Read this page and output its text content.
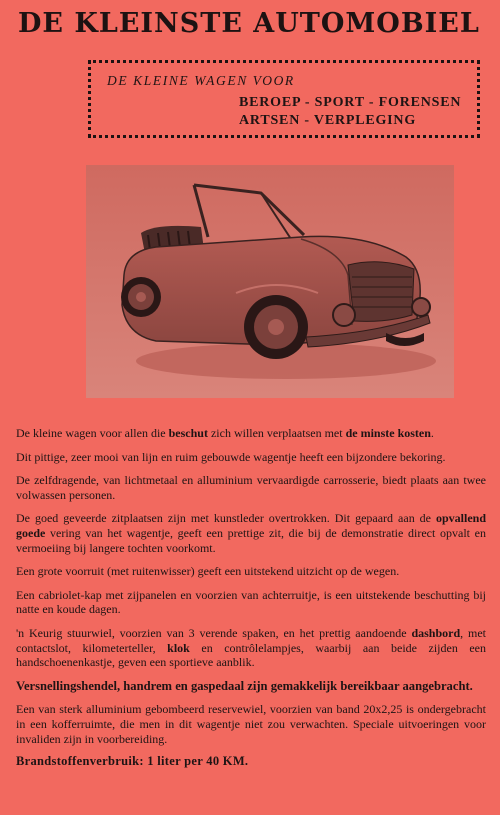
DE KLEINSTE AUTOMOBIEL
DE KLEINE WAGEN VOOR
BEROEP - SPORT - FORENSEN
ARTSEN - VERPLEGING

De kleine wagen voor allen die beschut zich willen verplaatsen met de minste kosten.

Dit pittige, zeer mooi van lijn en ruim gebouwde wagentje heeft een bijzondere bekoring.

De zelfdragende, van lichtmetaal en alluminium vervaardigde carrosserie, biedt plaats aan twee volwassen personen.

De goed geveerde zitplaatsen zijn met kunstleder overtrokken. Dit gepaard aan de opvallend goede vering van het wagentje, geeft een prettige zit, die bij de demonstratie direct opvalt en vermoeiing bij langere tochten voorkomt.

Een grote voorruit (met ruitenwisser) geeft een uitstekend uitzicht op de wegen.

Een cabriolet-kap met zijpanelen en voorzien van achterruitje, is een uitstekende beschutting bij natte en koude dagen.

'n Keurig stuurwiel, voorzien van 3 verende spaken, en het prettig aandoende dashbord, met contactslot, kilometerteller, klok en contrôlelampjes, waarbij aan beide zijden een handschoenenkastje, geven een sportieve aanblik.

Versnellingshendel, handrem en gaspedaal zijn gemakkelijk bereikbaar aangebracht.

Een van sterk alluminium gebombeerd reservewiel, voorzien van band 20x2,25 is ondergebracht in een kofferruimte, die men in dit wagentje niet zou verwachten. Speciale uitvoeringen voor invaliden zijn in voorbereiding.

Brandstoffenverbruik: 1 liter per 40 KM.
